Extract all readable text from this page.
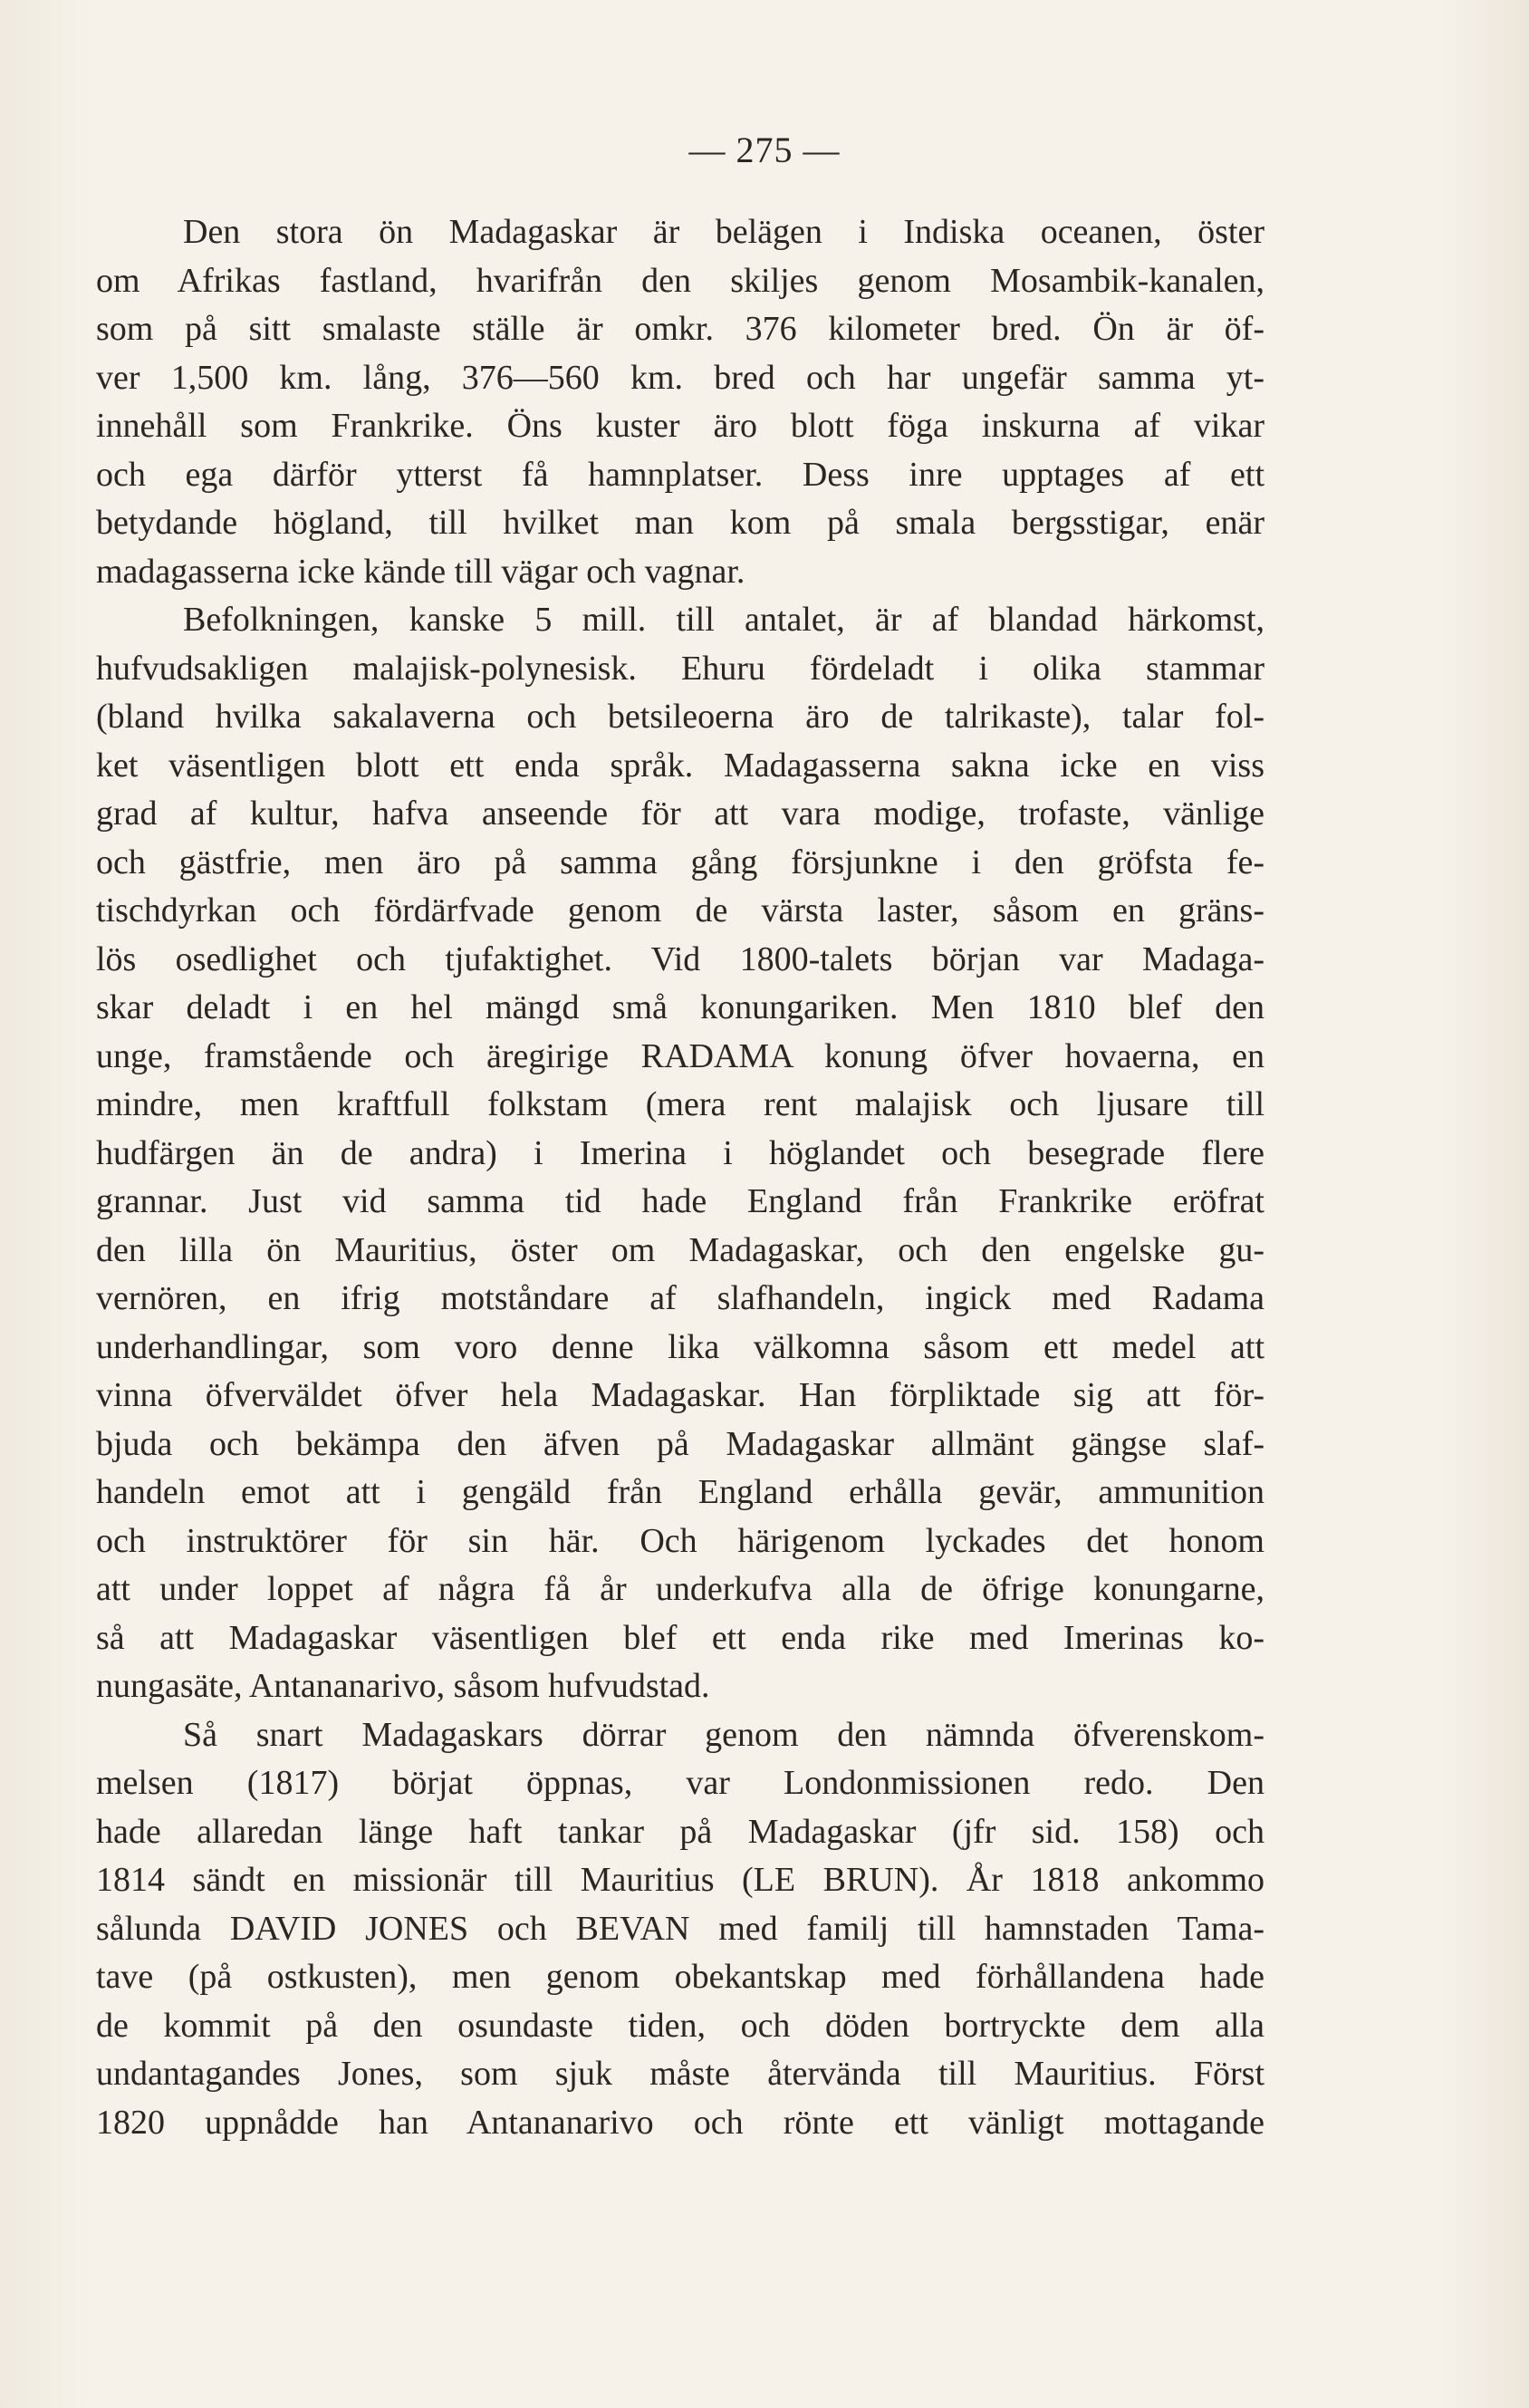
— 275 —
Den stora ön Madagaskar är belägen i Indiska oceanen, öster
om Afrikas fastland, hvarifrån den skiljes genom Mosambik-kanalen,
som på sitt smalaste ställe är omkr. 376 kilometer bred. Ön är öf-
ver 1,500 km. lång, 376—560 km. bred och har ungefär samma yt-
innehåll som Frankrike. Öns kuster äro blott föga inskurna af vikar
och ega därför ytterst få hamnplatser. Dess inre upptages af ett
betydande högland, till hvilket man kom på smala bergsstigar, enär
madagasserna icke kände till vägar och vagnar.
Befolkningen, kanske 5 mill. till antalet, är af blandad härkomst,
hufvudsakligen malajisk-polynesisk. Ehuru fördeladt i olika stammar
(bland hvilka sakalaverna och betsileoerna äro de talrikaste), talar fol-
ket väsentligen blott ett enda språk. Madagasserna sakna icke en viss
grad af kultur, hafva anseende för att vara modige, trofaste, vänlige
och gästfrie, men äro på samma gång försjunkne i den gröfsta fe-
tischdyrkan och fördärfvade genom de värsta laster, såsom en gräns-
lös osedlighet och tjufaktighet. Vid 1800-talets början var Madaga-
skar deladt i en hel mängd små konungariken. Men 1810 blef den
unge, framstående och äregirige RADAMA konung öfver hovaerna, en
mindre, men kraftfull folkstam (mera rent malajisk och ljusare till
hudfärgen än de andra) i Imerina i höglandet och besegrade flere
grannar. Just vid samma tid hade England från Frankrike eröfrat
den lilla ön Mauritius, öster om Madagaskar, och den engelske gu-
vernören, en ifrig motståndare af slafhandeln, ingick med Radama
underhandlingar, som voro denne lika välkomna såsom ett medel att
vinna öfverväldet öfver hela Madagaskar. Han förpliktade sig att för-
bjuda och bekämpa den äfven på Madagaskar allmänt gängse slaf-
handeln emot att i gengäld från England erhålla gevär, ammunition
och instruktörer för sin här. Och härigenom lyckades det honom
att under loppet af några få år underkufva alla de öfrige konungarne,
så att Madagaskar väsentligen blef ett enda rike med Imerinas ko-
nungasäte, Antananarivo, såsom hufvudstad.
Så snart Madagaskars dörrar genom den nämnda öfverenskom-
melsen (1817) börjat öppnas, var Londonmissionen redo. Den
hade allaredan länge haft tankar på Madagaskar (jfr sid. 158) och
1814 sändt en missionär till Mauritius (LE BRUN). År 1818 ankommo
sålunda DAVID JONES och BEVAN med familj till hamnstaden Tama-
tave (på ostkusten), men genom obekantskap med förhållandena hade
de kommit på den osundaste tiden, och döden bortryckte dem alla
undantagandes Jones, som sjuk måste återvända till Mauritius. Först
1820 uppnådde han Antananarivo och rönte ett vänligt mottagande
